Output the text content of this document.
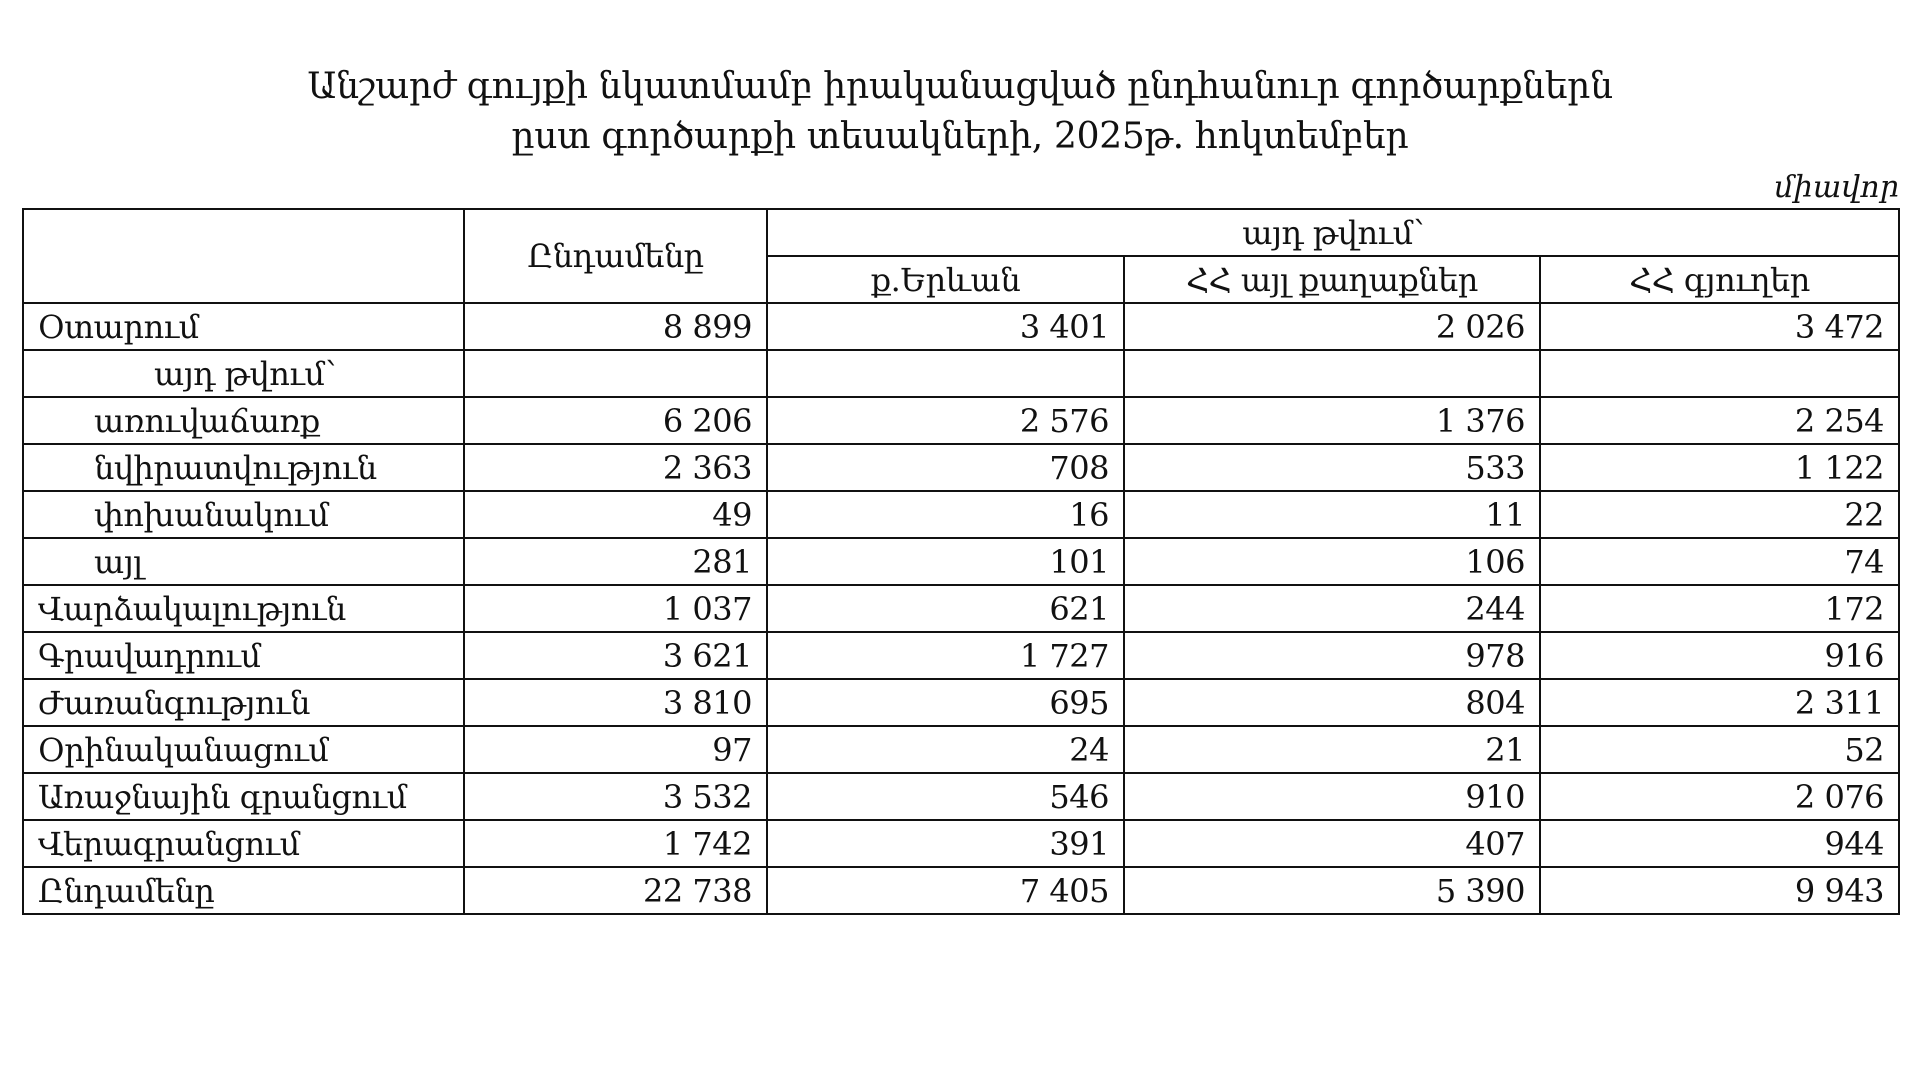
Անշարժ գույքի նկատմամբ իրականացված ընդհանուր գործարքներն
ըստ գործարքի տեսակների, 2025թ. հոկտեմբեր
միավոր
	Ընդամենը	այդ թվում՝		
		ք.Երևան	ՀՀ այլ քաղաքներ	ՀՀ գյուղեր
Օտարում	8 899	3 401	2 026	3 472
այդ թվում՝				
առուվաճառք	6 206	2 576	1 376	2 254
նվիրատվություն	2 363	708	533	1 122
փոխանակում	49	16	11	22
այլ	281	101	106	74
Վարձակալություն	1 037	621	244	172
Գրավադրում	3 621	1 727	978	916
Ժառանգություն	3 810	695	804	2 311
Օրինականացում	97	24	21	52
Առաջնային գրանցում	3 532	546	910	2 076
Վերագրանցում	1 742	391	407	944
Ընդամենը	22 738	7 405	5 390	9 943
